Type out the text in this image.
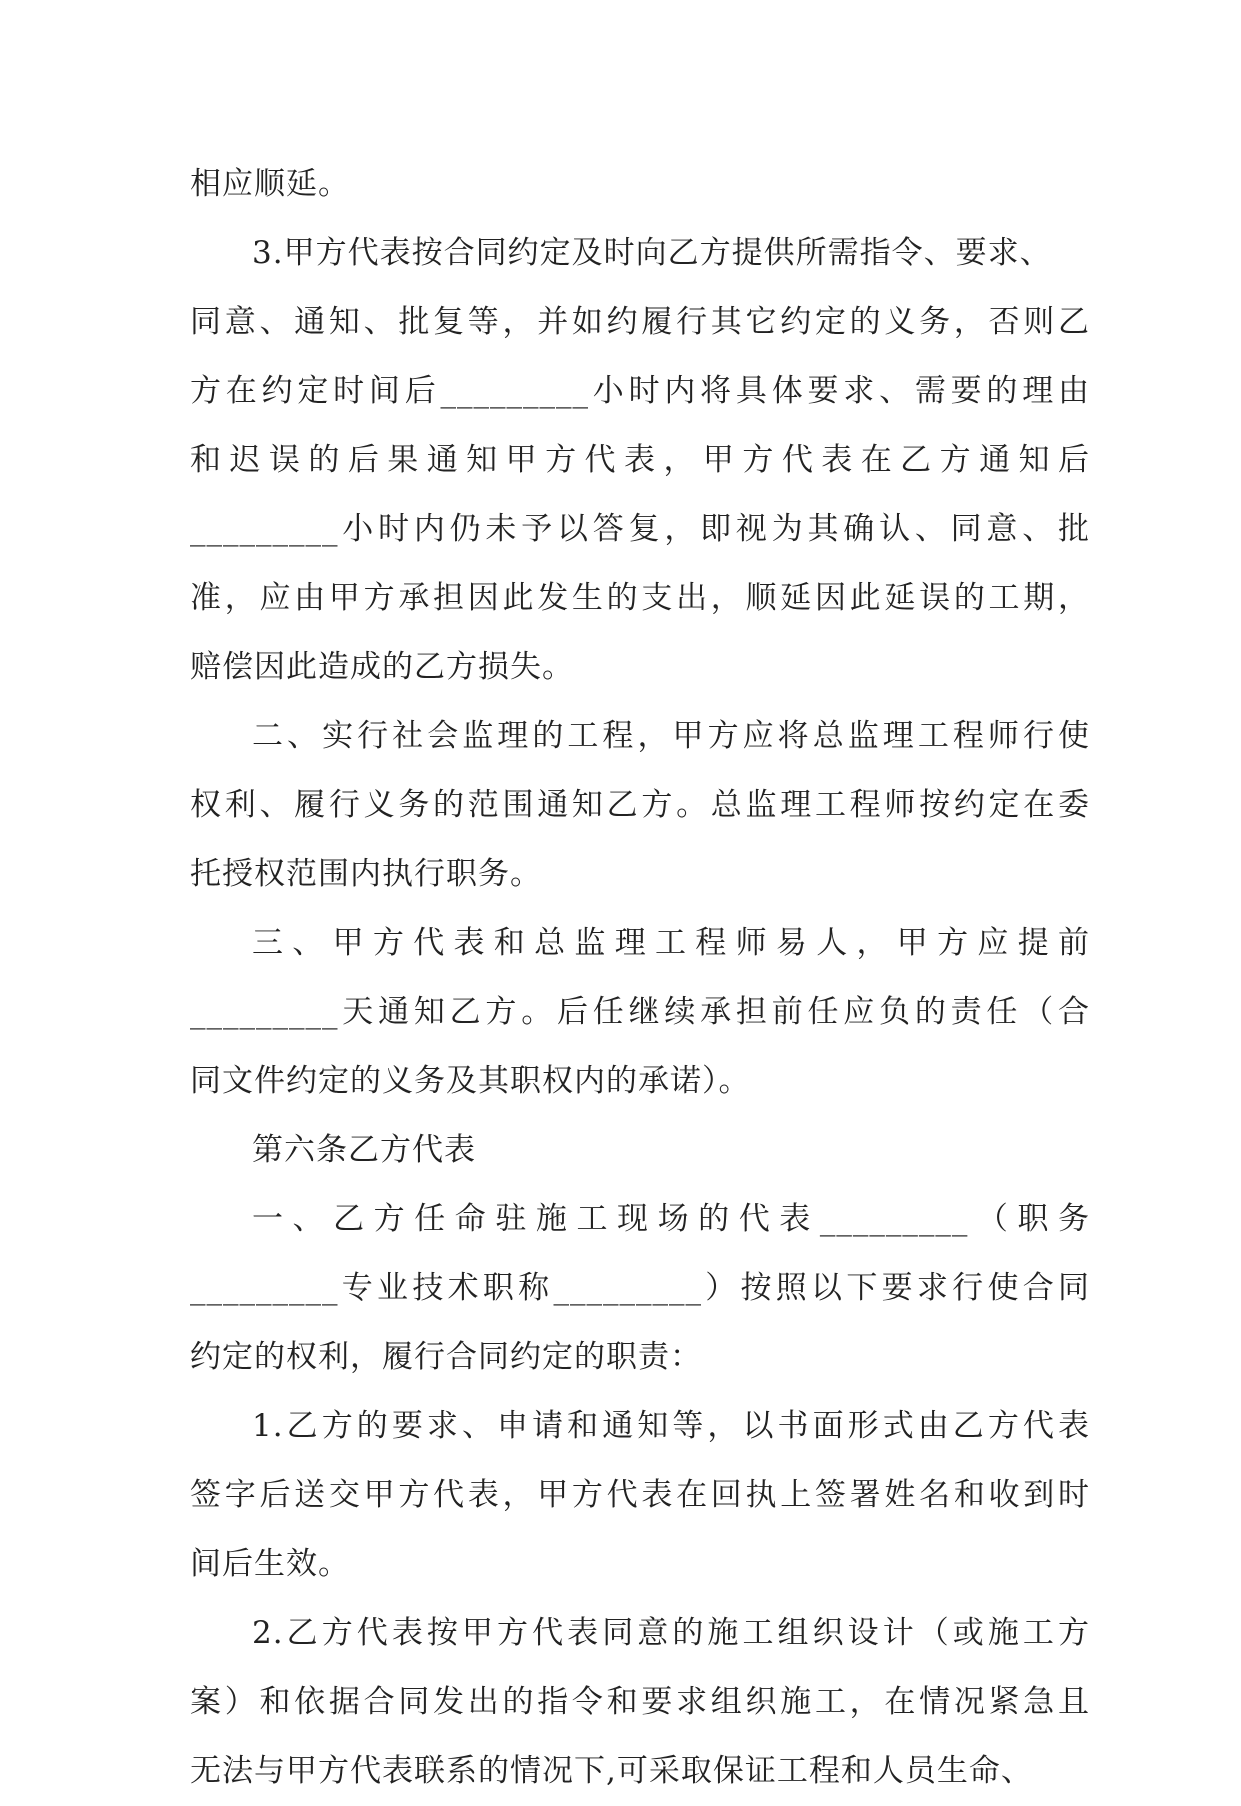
相应顺延。
3.甲方代表按合同约定及时向乙方提供所需指令、要求、
同意、通知、批复等，并如约履行其它约定的义务，否则乙
方在约定时间后_________小时内将具体要求、需要的理由
和迟误的后果通知甲方代表，甲方代表在乙方通知后
_________小时内仍未予以答复，即视为其确认、同意、批
准，应由甲方承担因此发生的支出，顺延因此延误的工期，
赔偿因此造成的乙方损失。
二、实行社会监理的工程，甲方应将总监理工程师行使
权利、履行义务的范围通知乙方。总监理工程师按约定在委
托授权范围内执行职务。
三、甲方代表和总监理工程师易人，甲方应提前
_________天通知乙方。后任继续承担前任应负的责任（合
同文件约定的义务及其职权内的承诺）。
第六条乙方代表
一、乙方任命驻施工现场的代表_________（职务
_________专业技术职称_________）按照以下要求行使合同
约定的权利，履行合同约定的职责：
1.乙方的要求、申请和通知等，以书面形式由乙方代表
签字后送交甲方代表，甲方代表在回执上签署姓名和收到时
间后生效。
2.乙方代表按甲方代表同意的施工组织设计（或施工方
案）和依据合同发出的指令和要求组织施工，在情况紧急且
无法与甲方代表联系的情况下,可采取保证工程和人员生命、
